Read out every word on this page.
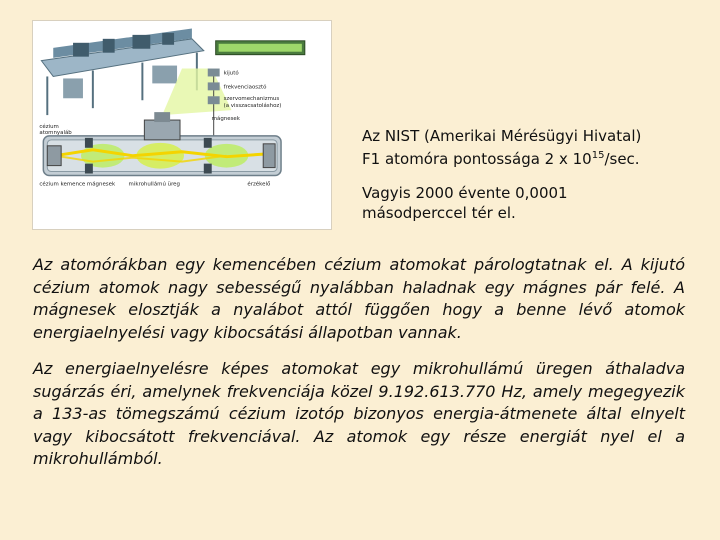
kijutó
frekvenciaosztó
szervomechanizmus
(a visszacsatoláshoz)
cézium
atomnyaláb
mágnesek
cézium kemence mágnesek mikrohullámú üreg	érzékelő

Az NIST (Amerikai Mérésügyi Hivatal)
F1 atomóra pontossága 2 x $10^{15}/\sec$.

Vagyis 2000 évente 0,0001
másodperccel tér el.

Az atomórákban egy kemencében cézium atomokat párologtatnak el. A kijutó cézium atomok nagy sebességű nyalábban haladnak egy mágnes pár felé. A mágnesek elosztják a nyalábot attól függően hogy a benne lévő atomok energiaelnyelési vagy kibocsátási állapotban vannak.

Az energiaelnyelésre képes atomokat egy mikrohullámú üregen áthaladva sugárzás éri, amelynek frekvenciája közel 9.192.613.770 Hz, amely megegyezik a 133-as tömegszámú cézium izotóp bizonyos energia-átmenete által elnyelt vagy kibocsátott frekvenciával. Az atomok egy része energiát nyel el a mikrohullámból.
